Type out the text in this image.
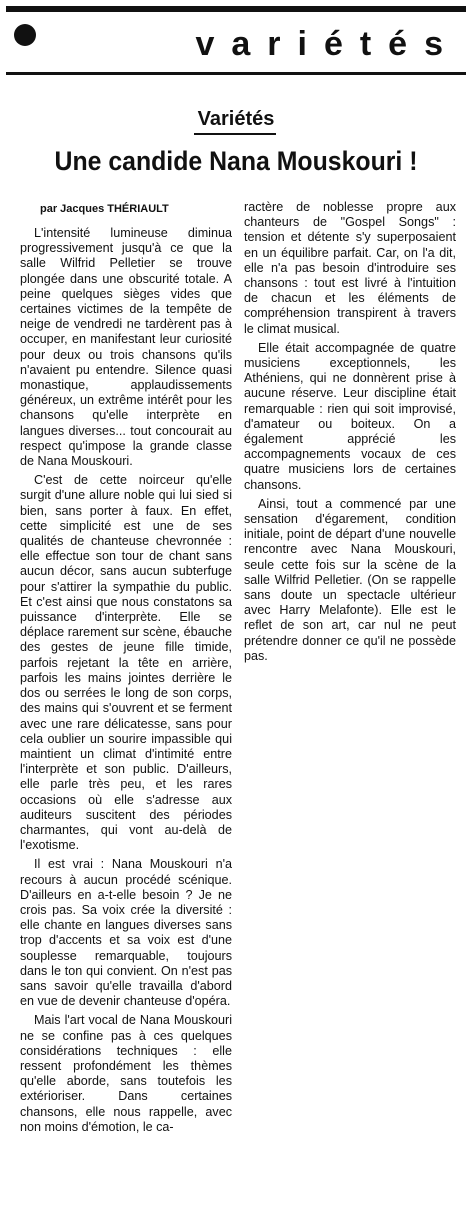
variétés
Variétés
Une candide Nana Mouskouri !
par Jacques THÉRIAULT

L'intensité lumineuse diminua progressivement jusqu'à ce que la salle Wilfrid Pelletier se trouve plongée dans une obscurité totale. A peine quelques sièges vides que certaines victimes de la tempête de neige de vendredi ne tardèrent pas à occuper, en manifestant leur curiosité pour deux ou trois chansons qu'ils n'avaient pu entendre. Silence quasi monastique, applaudissements généreux, un extrême intérêt pour les chansons qu'elle interprète en langues diverses... tout concourait au respect qu'impose la grande classe de Nana Mouskouri.

C'est de cette noirceur qu'elle surgit d'une allure noble qui lui sied si bien, sans porter à faux. En effet, cette simplicité est une de ses qualités de chanteuse chevronnée : elle effectue son tour de chant sans aucun décor, sans aucun subterfuge pour s'attirer la sympathie du public. Et c'est ainsi que nous constatons sa puissance d'interprète. Elle se déplace rarement sur scène, ébauche des gestes de jeune fille timide, parfois rejetant la tête en arrière, parfois les mains jointes derrière le dos ou serrées le long de son corps, des mains qui s'ouvrent et se ferment avec une rare délicatesse, sans pour cela oublier un sourire impassible qui maintient un climat d'intimité entre l'interprète et son public. D'ailleurs, elle parle très peu, et les rares occasions où elle s'adresse aux auditeurs suscitent des périodes charmantes, qui vont au-delà de l'exotisme.

Il est vrai : Nana Mouskouri n'a recours à aucun procédé scénique. D'ailleurs en a-t-elle besoin ? Je ne crois pas. Sa voix crée la diversité : elle chante en langues diverses sans trop d'accents et sa voix est d'une souplesse remarquable, toujours dans le ton qui convient. On n'est pas sans savoir qu'elle travailla d'abord en vue de devenir chanteuse d'opéra.

Mais l'art vocal de Nana Mouskouri ne se confine pas à ces quelques considérations techniques : elle ressent profondément les thèmes qu'elle aborde, sans toutefois les extérioriser. Dans certaines chansons, elle nous rappelle, avec non moins d'émotion, le ca-

ractère de noblesse propre aux chanteurs de "Gospel Songs" : tension et détente s'y superposaient en un équilibre parfait. Car, on l'a dit, elle n'a pas besoin d'introduire ses chansons : tout est livré à l'intuition de chacun et les éléments de compréhension transpirent à travers le climat musical.

Elle était accompagnée de quatre musiciens exceptionnels, les Athéniens, qui ne donnèrent prise à aucune réserve. Leur discipline était remarquable : rien qui soit improvisé, d'amateur ou boiteux. On a également apprécié les accompagnements vocaux de ces quatre musiciens lors de certaines chansons.

Ainsi, tout a commencé par une sensation d'égarement, condition initiale, point de départ d'une nouvelle rencontre avec Nana Mouskouri, seule cette fois sur la scène de la salle Wilfrid Pelletier. (On se rappelle sans doute un spectacle ultérieur avec Harry Melafonte). Elle est le reflet de son art, car nul ne peut prétendre donner ce qu'il ne possède pas.
